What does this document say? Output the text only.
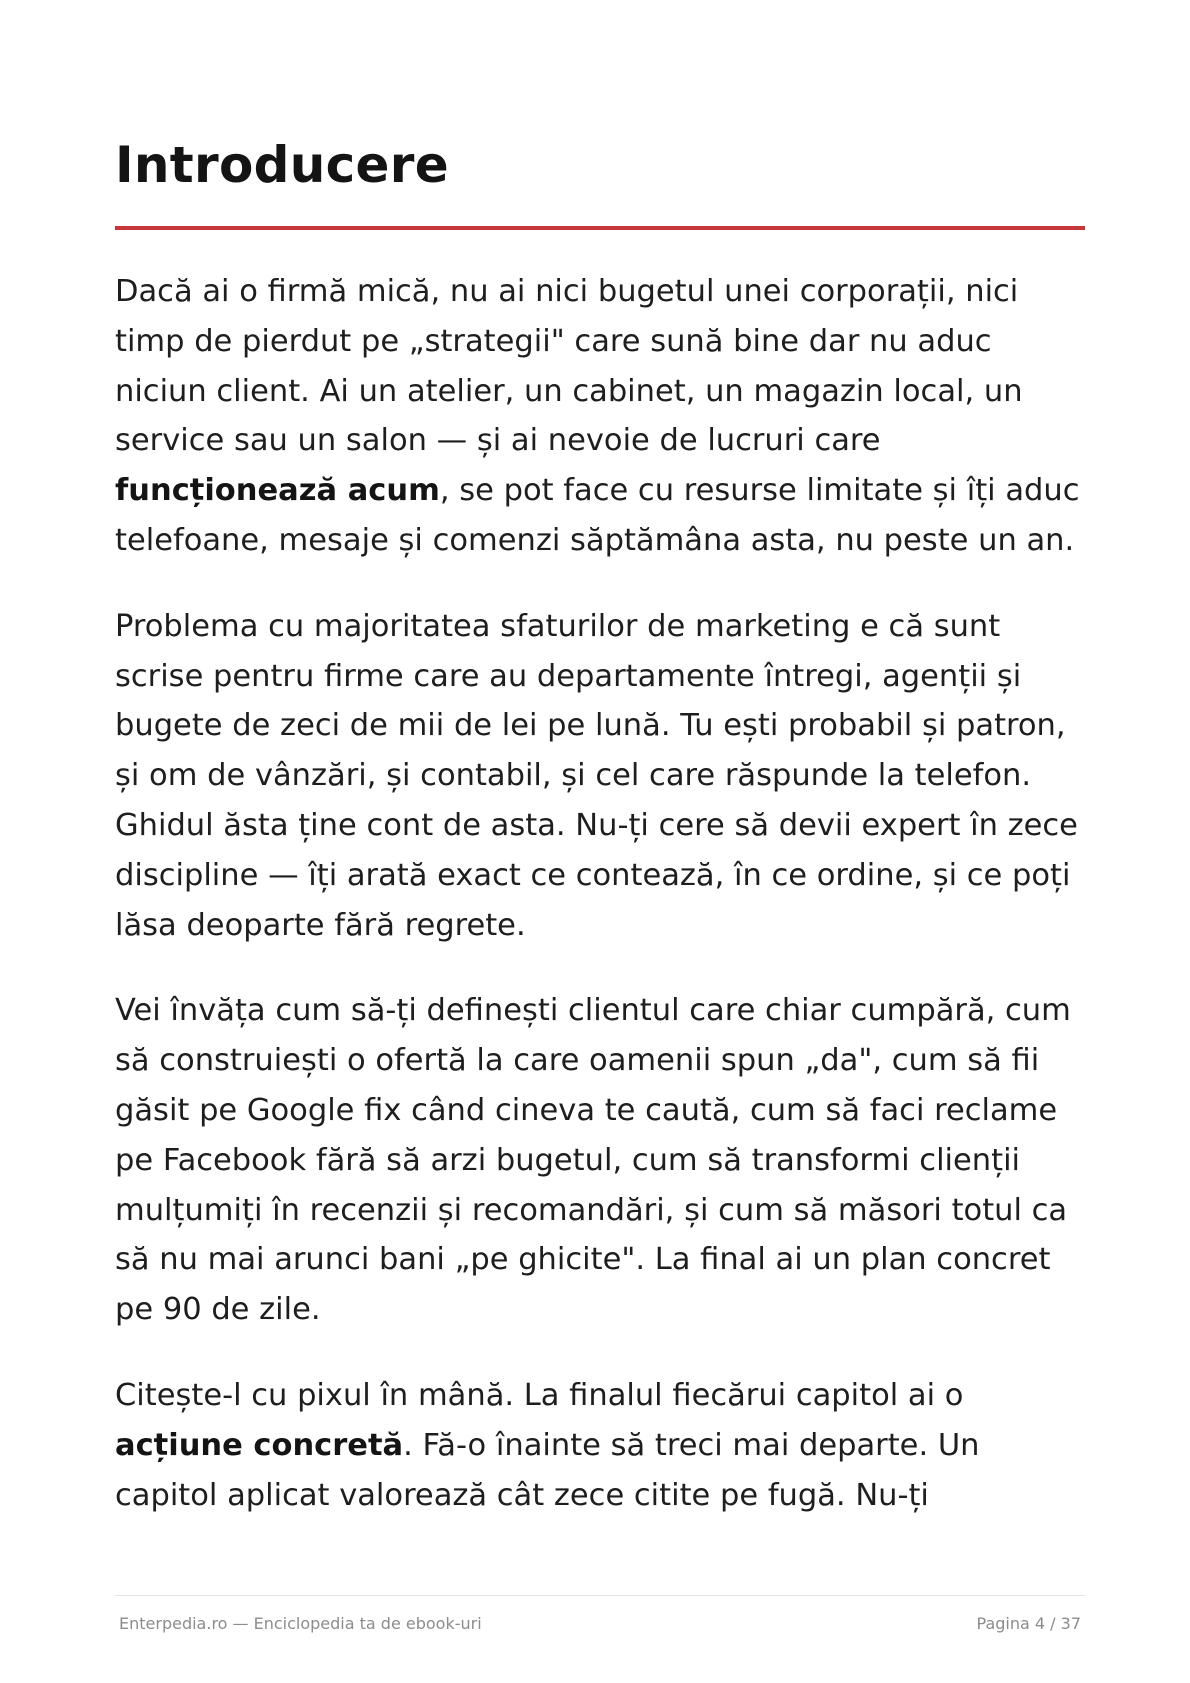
Introducere

Dacă ai o firmă mică, nu ai nici bugetul unei corporații, nici timp de pierdut pe „strategii" care sună bine dar nu aduc niciun client. Ai un atelier, un cabinet, un magazin local, un service sau un salon — și ai nevoie de lucruri care funcționează acum, se pot face cu resurse limitate și îți aduc telefoane, mesaje și comenzi săptămâna asta, nu peste un an.

Problema cu majoritatea sfaturilor de marketing e că sunt scrise pentru firme care au departamente întregi, agenții și bugete de zeci de mii de lei pe lună. Tu ești probabil și patron, și om de vânzări, și contabil, și cel care răspunde la telefon. Ghidul ăsta ține cont de asta. Nu-ți cere să devii expert în zece discipline — îți arată exact ce contează, în ce ordine, și ce poți lăsa deoparte fără regrete.

Vei învăța cum să-ți definești clientul care chiar cumpără, cum să construiești o ofertă la care oamenii spun „da", cum să fii găsit pe Google fix când cineva te caută, cum să faci reclame pe Facebook fără să arzi bugetul, cum să transformi clienții mulțumiți în recenzii și recomandări, și cum să măsori totul ca să nu mai arunci bani „pe ghicite". La final ai un plan concret pe 90 de zile.

Citește-l cu pixul în mână. La finalul fiecărui capitol ai o acțiune concretă. Fă-o înainte să treci mai departe. Un capitol aplicat valorează cât zece citite pe fugă. Nu-ți

Enterpedia.ro — Enciclopedia ta de ebook-uri	Pagina 4 / 37
